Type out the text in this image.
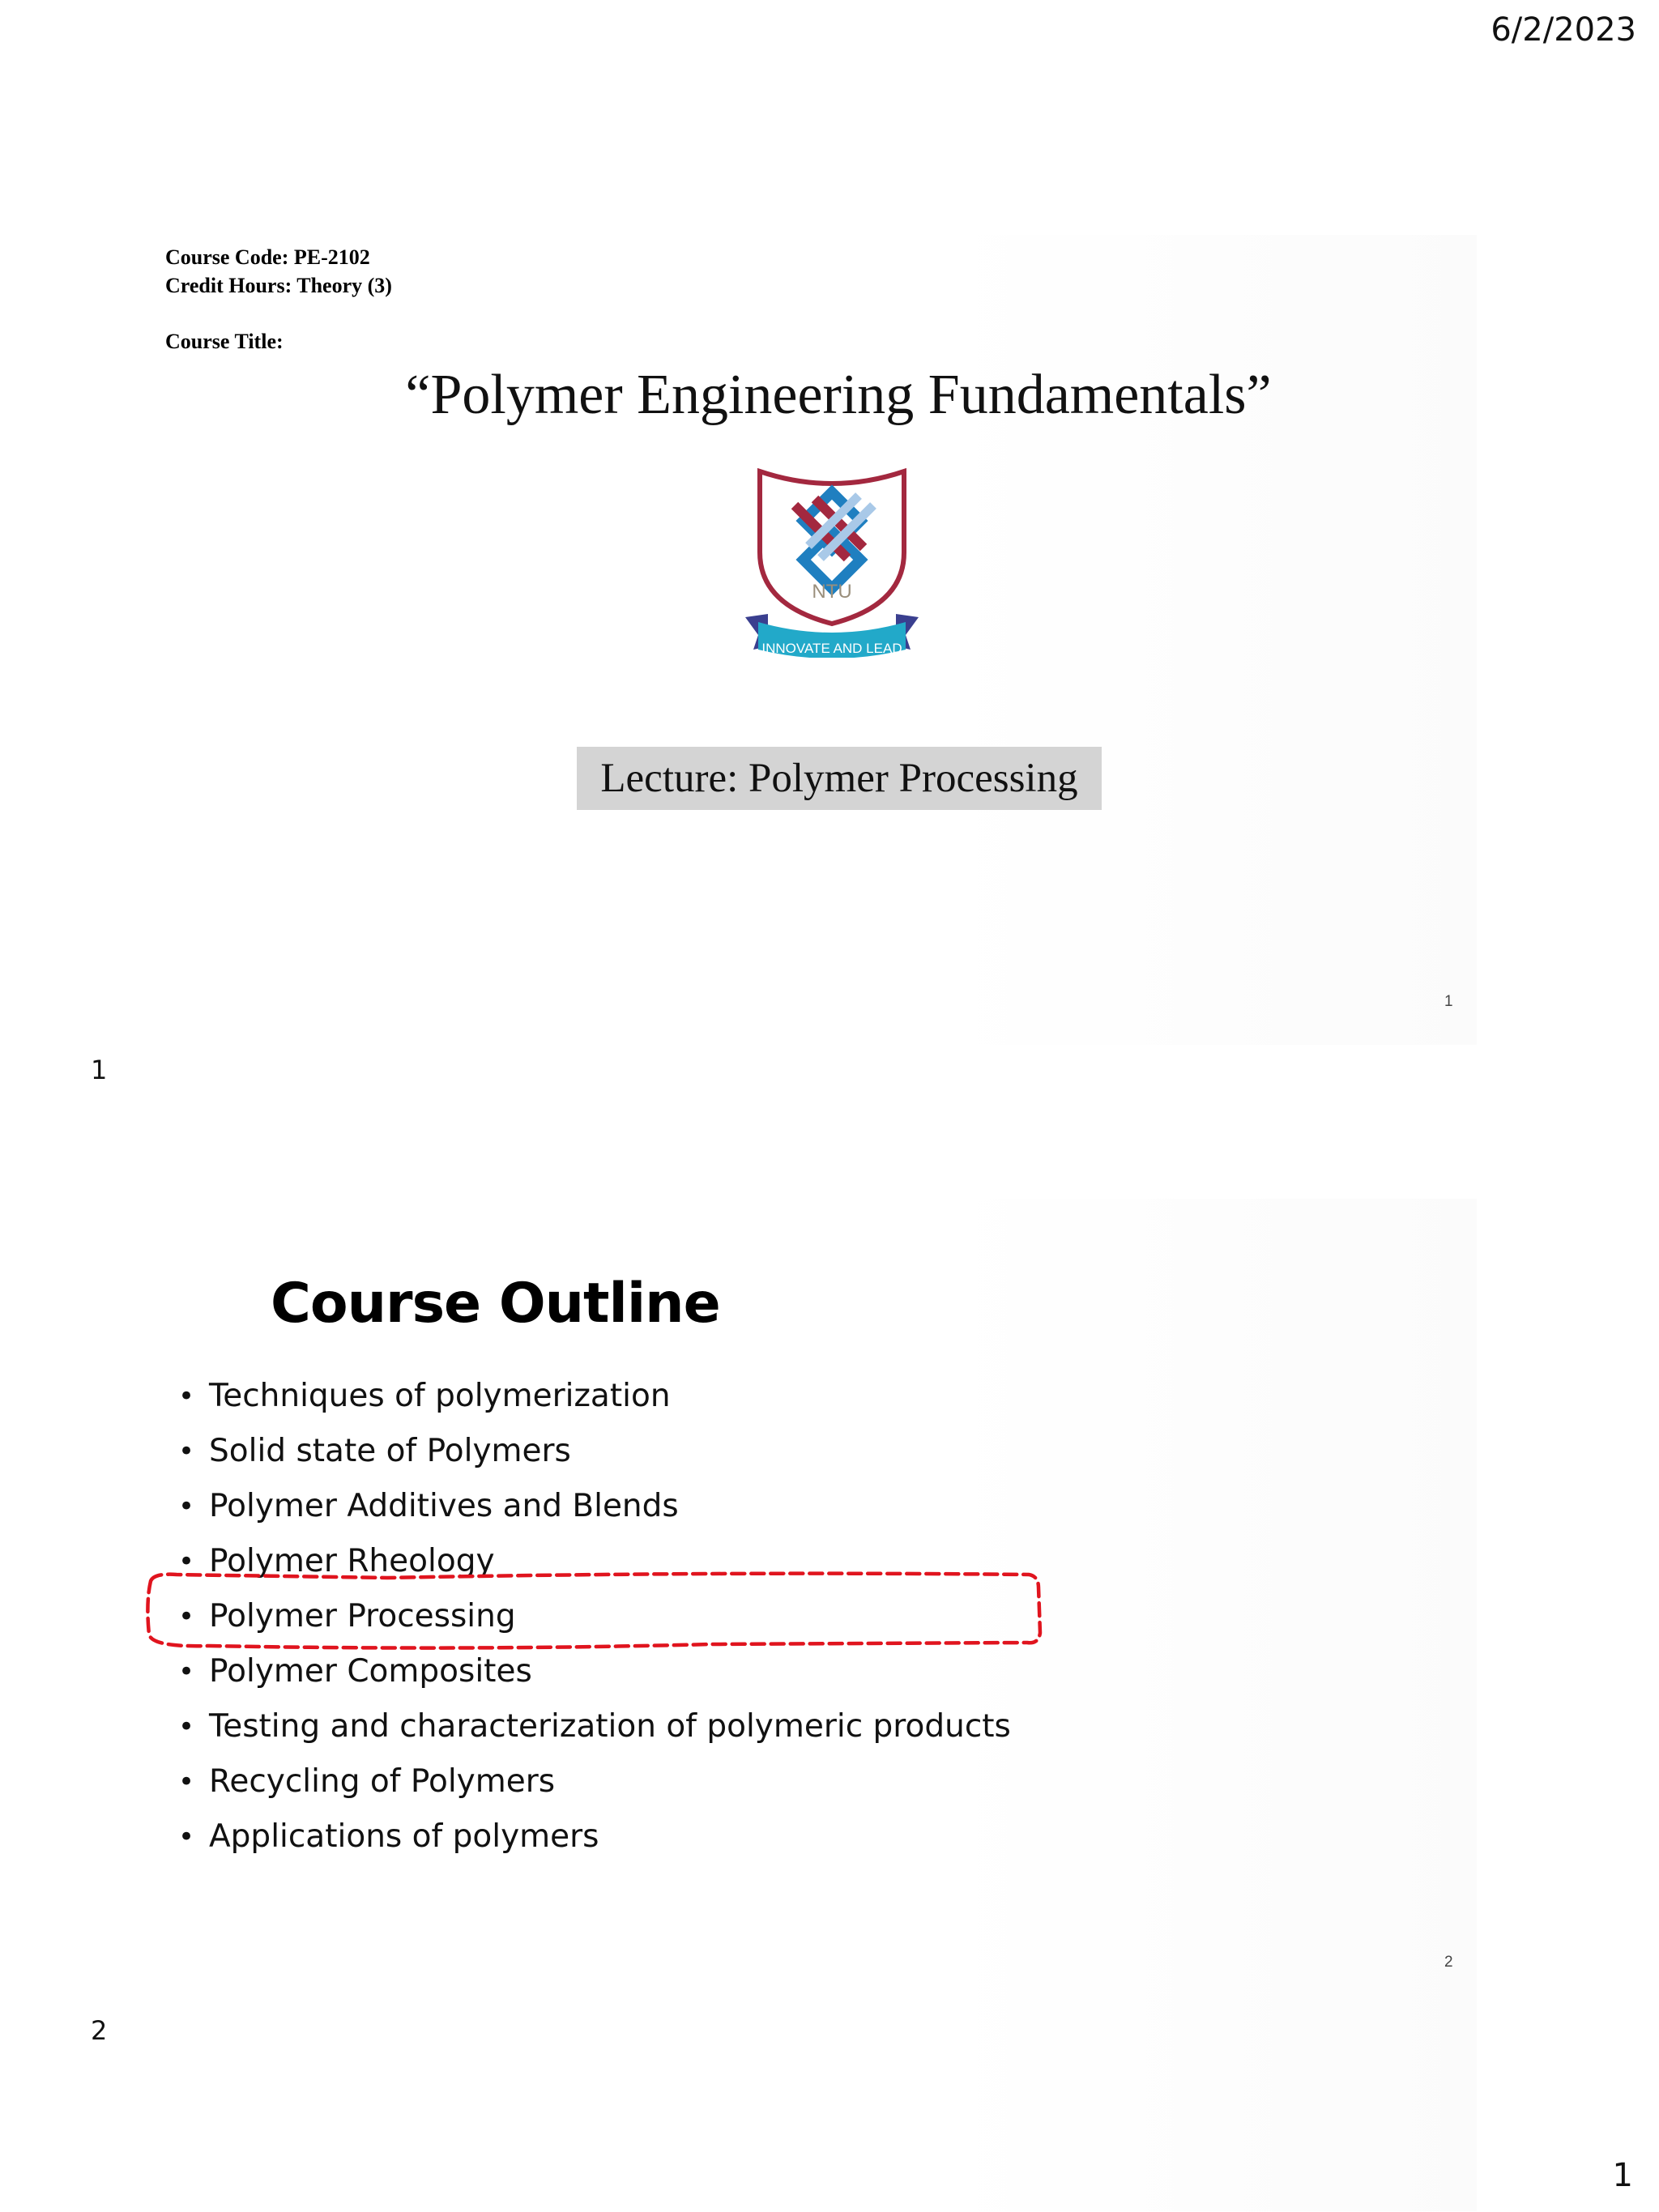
6/2/2023
Course Code: PE-2102
Credit Hours: Theory (3)
Course Title:
“Polymer Engineering Fundamentals”
NTU
INNOVATE AND LEAD
Lecture: Polymer Processing
1
1
Course Outline
• Techniques of polymerization
• Solid state of Polymers
• Polymer Additives and Blends
• Polymer Rheology
• Polymer Processing
• Polymer Composites
• Testing and characterization of polymeric products
• Recycling of Polymers
• Applications of polymers
2
2
1
